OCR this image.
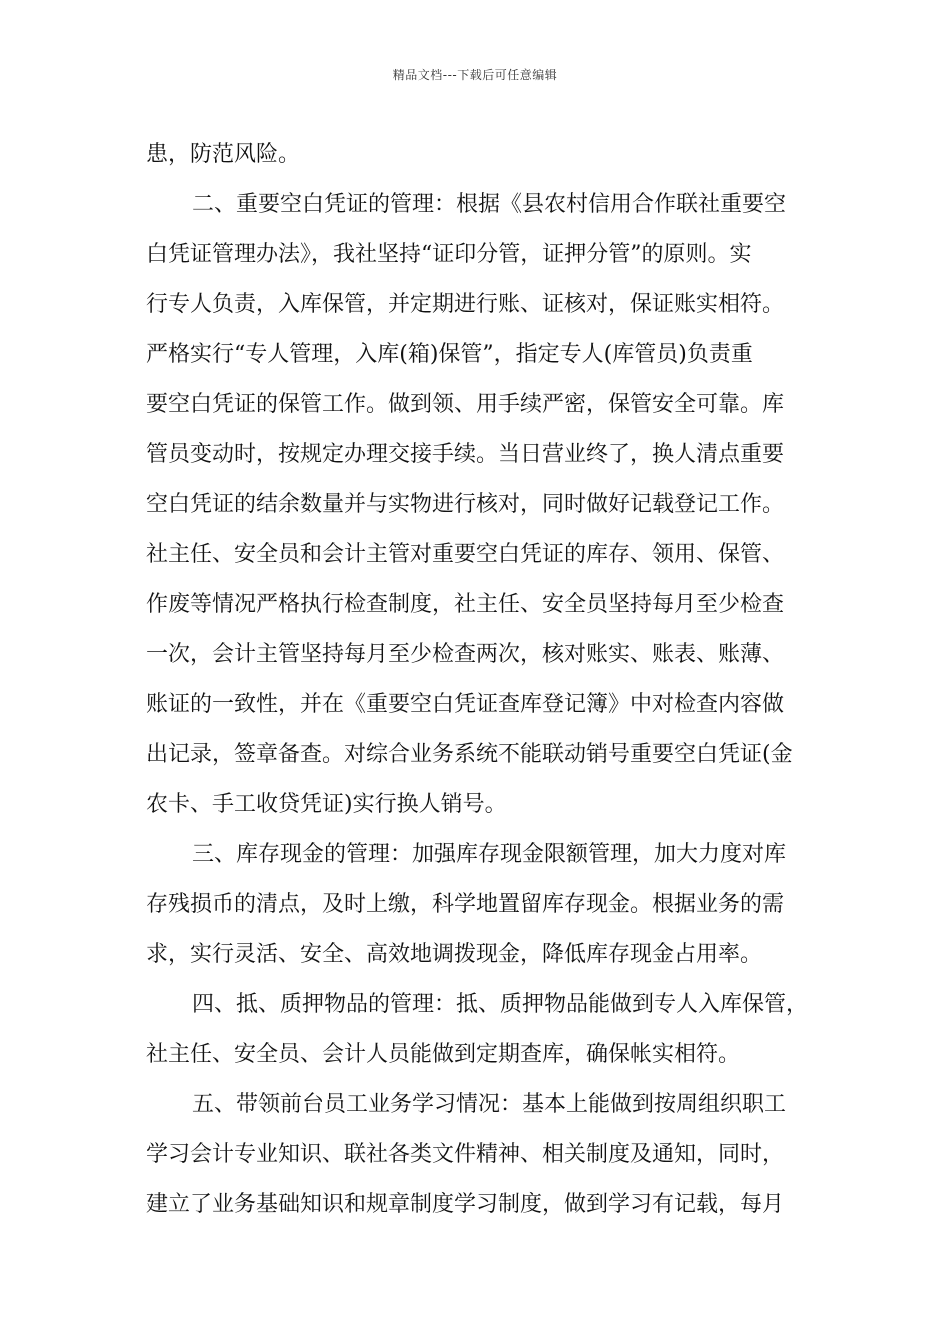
精品文档---下载后可任意编辑
患，防范风险。
二、重要空白凭证的管理：根据《县农村信用合作联社重要空
白凭证管理办法》，我社坚持“证印分管，证押分管”的原则。实
行专人负责，入库保管，并定期进行账、证核对，保证账实相符。
严格实行“专人管理，入库(箱)保管”，指定专人(库管员)负责重
要空白凭证的保管工作。做到领、用手续严密，保管安全可靠。库
管员变动时，按规定办理交接手续。当日营业终了，换人清点重要
空白凭证的结余数量并与实物进行核对，同时做好记载登记工作。
社主任、安全员和会计主管对重要空白凭证的库存、领用、保管、
作废等情况严格执行检查制度，社主任、安全员坚持每月至少检查
一次，会计主管坚持每月至少检查两次，核对账实、账表、账薄、
账证的一致性，并在《重要空白凭证查库登记簿》中对检查内容做
出记录，签章备查。对综合业务系统不能联动销号重要空白凭证(金
农卡、手工收贷凭证)实行换人销号。
三、库存现金的管理：加强库存现金限额管理，加大力度对库
存残损币的清点，及时上缴，科学地置留库存现金。根据业务的需
求，实行灵活、安全、高效地调拨现金，降低库存现金占用率。
四、抵、质押物品的管理：抵、质押物品能做到专人入库保管，
社主任、安全员、会计人员能做到定期查库，确保帐实相符。
五、带领前台员工业务学习情况：基本上能做到按周组织职工
学习会计专业知识、联社各类文件精神、相关制度及通知，同时，
建立了业务基础知识和规章制度学习制度，做到学习有记载，每月
